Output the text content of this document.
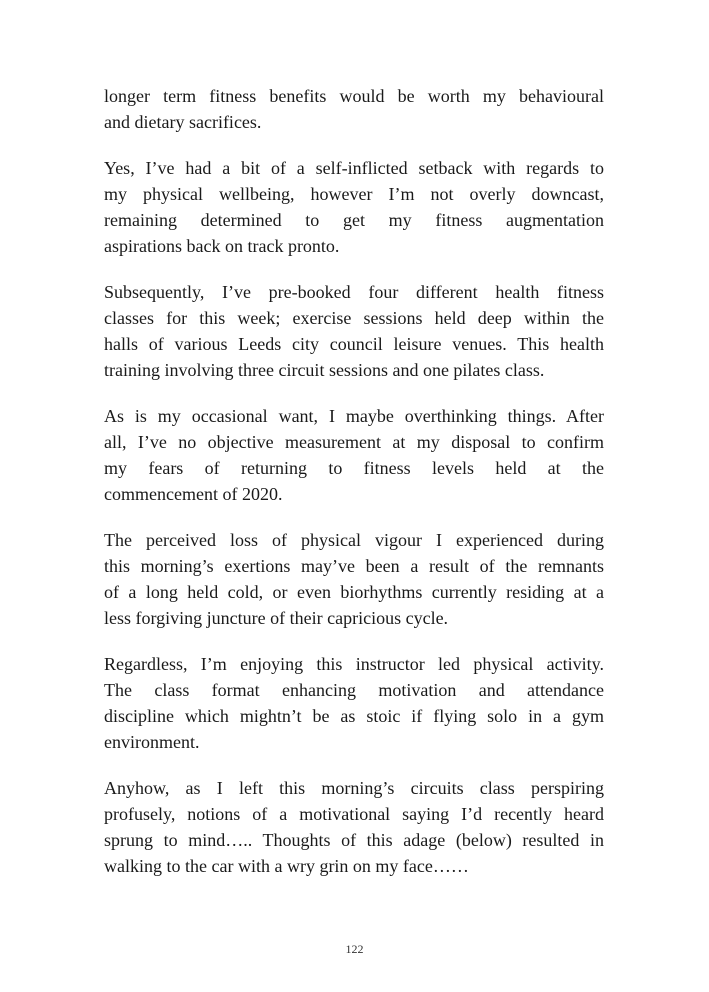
longer term fitness benefits would be worth my behavioural
and dietary sacrifices.

Yes, I’ve had a bit of a self-inflicted setback with regards to
my physical wellbeing, however I’m not overly downcast,
remaining determined to get my fitness augmentation
aspirations back on track pronto.

Subsequently, I’ve pre-booked four different health fitness
classes for this week; exercise sessions held deep within the
halls of various Leeds city council leisure venues. This health
training involving three circuit sessions and one pilates class.

As is my occasional want, I maybe overthinking things. After
all, I’ve no objective measurement at my disposal to confirm
my fears of returning to fitness levels held at the
commencement of 2020.

The perceived loss of physical vigour I experienced during
this morning’s exertions may’ve been a result of the remnants
of a long held cold, or even biorhythms currently residing at a
less forgiving juncture of their capricious cycle.

Regardless, I’m enjoying this instructor led physical activity.
The class format enhancing motivation and attendance
discipline which mightn’t be as stoic if flying solo in a gym
environment.

Anyhow, as I left this morning’s circuits class perspiring
profusely, notions of a motivational saying I’d recently heard
sprung to mind….. Thoughts of this adage (below) resulted in
walking to the car with a wry grin on my face……

122
